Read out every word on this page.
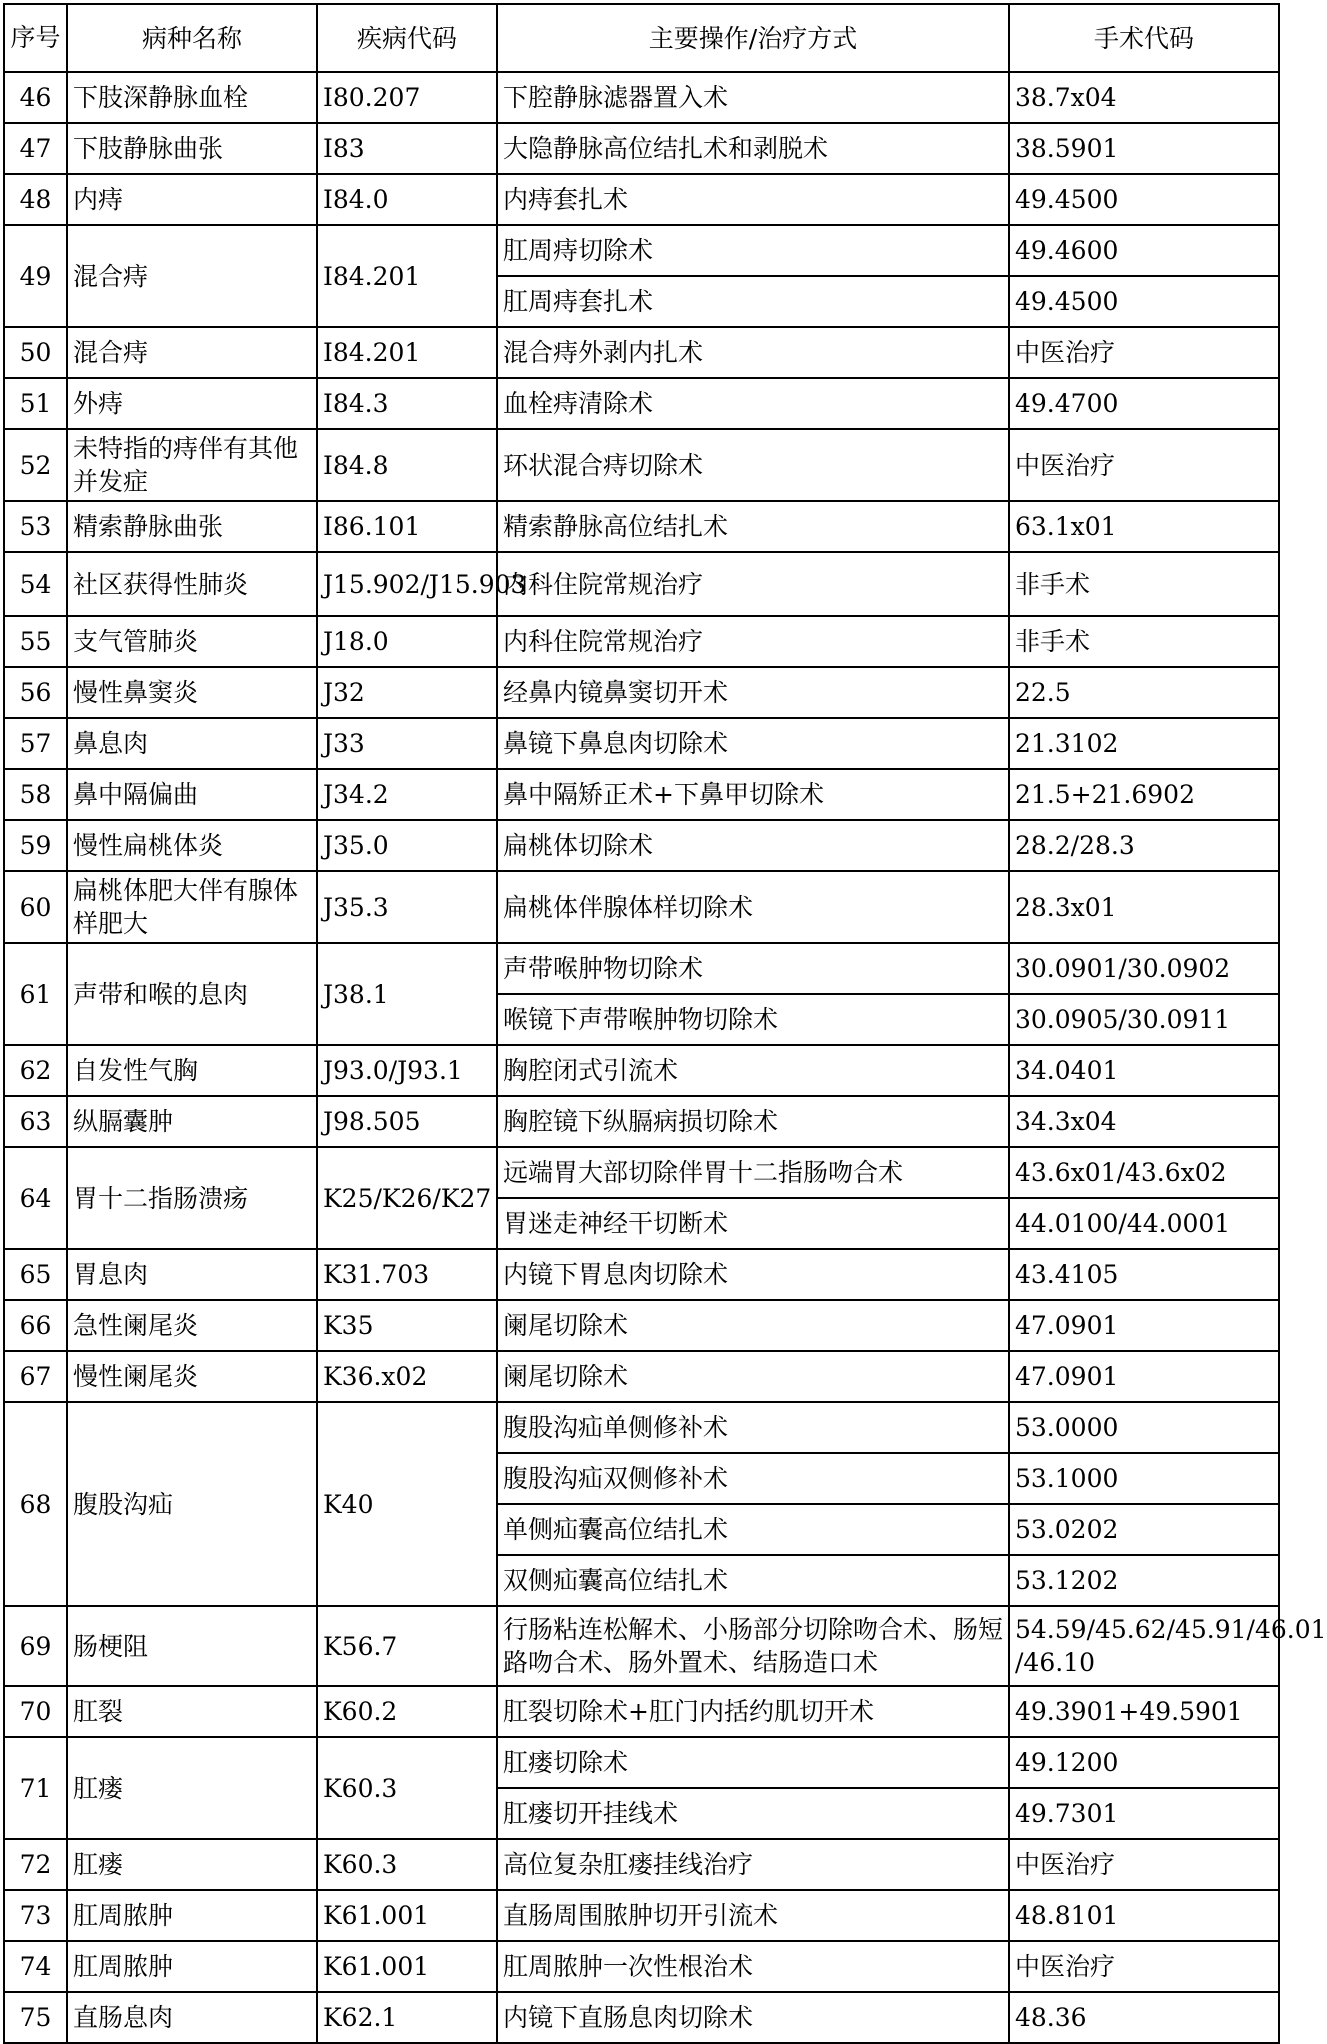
序号	病种名称	疾病代码	主要操作/治疗方式	手术代码
46	下肢深静脉血栓	I80.207	下腔静脉滤器置入术	38.7x04
47	下肢静脉曲张	I83	大隐静脉高位结扎术和剥脱术	38.5901
48	内痔	I84.0	内痔套扎术	49.4500
49	混合痔	I84.201	肛周痔切除术	49.4600
			肛周痔套扎术	49.4500
50	混合痔	I84.201	混合痔外剥内扎术	中医治疗
51	外痔	I84.3	血栓痔清除术	49.4700
52	未特指的痔伴有其他并发症	I84.8	环状混合痔切除术	中医治疗
53	精索静脉曲张	I86.101	精索静脉高位结扎术	63.1x01
54	社区获得性肺炎	J15.902/J15.903	内科住院常规治疗	非手术
55	支气管肺炎	J18.0	内科住院常规治疗	非手术
56	慢性鼻窦炎	J32	经鼻内镜鼻窦切开术	22.5
57	鼻息肉	J33	鼻镜下鼻息肉切除术	21.3102
58	鼻中隔偏曲	J34.2	鼻中隔矫正术+下鼻甲切除术	21.5+21.6902
59	慢性扁桃体炎	J35.0	扁桃体切除术	28.2/28.3
60	扁桃体肥大伴有腺体样肥大	J35.3	扁桃体伴腺体样切除术	28.3x01
61	声带和喉的息肉	J38.1	声带喉肿物切除术	30.0901/30.0902
			喉镜下声带喉肿物切除术	30.0905/30.0911
62	自发性气胸	J93.0/J93.1	胸腔闭式引流术	34.0401
63	纵膈囊肿	J98.505	胸腔镜下纵膈病损切除术	34.3x04
64	胃十二指肠溃疡	K25/K26/K27	远端胃大部切除伴胃十二指肠吻合术	43.6x01/43.6x02
			胃迷走神经干切断术	44.0100/44.0001
65	胃息肉	K31.703	内镜下胃息肉切除术	43.4105
66	急性阑尾炎	K35	阑尾切除术	47.0901
67	慢性阑尾炎	K36.x02	阑尾切除术	47.0901
68	腹股沟疝	K40	腹股沟疝单侧修补术	53.0000
			腹股沟疝双侧修补术	53.1000
			单侧疝囊高位结扎术	53.0202
			双侧疝囊高位结扎术	53.1202
69	肠梗阻	K56.7	行肠粘连松解术、小肠部分切除吻合术、肠短路吻合术、肠外置术、结肠造口术	54.59/45.62/45.91/46.01 /46.10
70	肛裂	K60.2	肛裂切除术+肛门内括约肌切开术	49.3901+49.5901
71	肛瘘	K60.3	肛瘘切除术	49.1200
			肛瘘切开挂线术	49.7301
72	肛瘘	K60.3	高位复杂肛瘘挂线治疗	中医治疗
73	肛周脓肿	K61.001	直肠周围脓肿切开引流术	48.8101
74	肛周脓肿	K61.001	肛周脓肿一次性根治术	中医治疗
75	直肠息肉	K62.1	内镜下直肠息肉切除术	48.36
